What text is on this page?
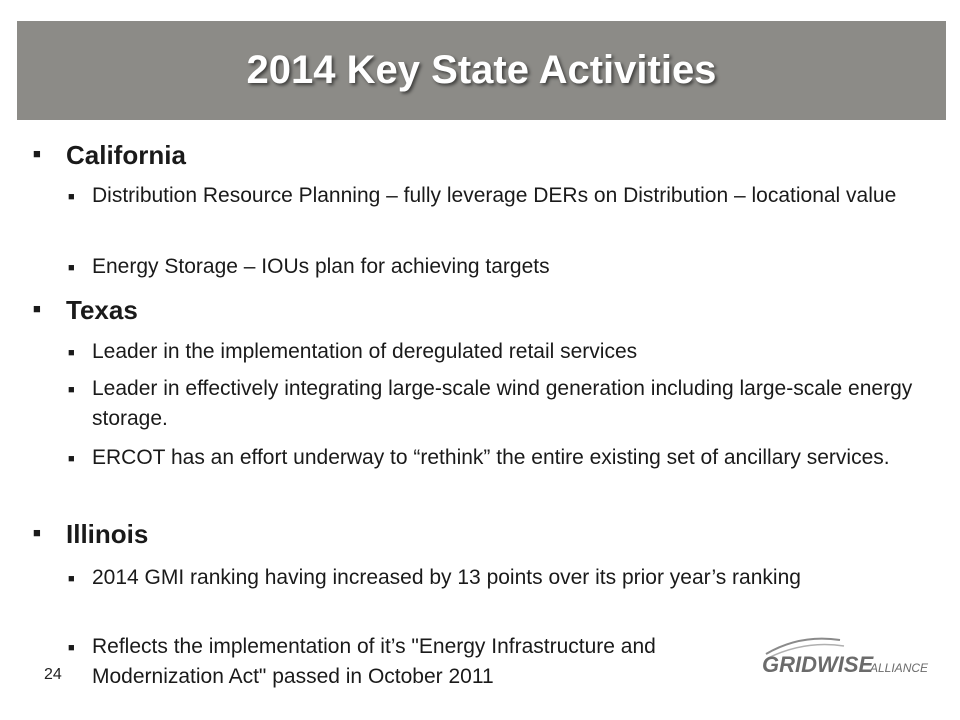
2014 Key State Activities
■ California
■ Distribution Resource Planning – fully leverage DERs on Distribution – locational value
■ Energy Storage – IOUs plan for achieving targets
■ Texas
■ Leader in the implementation of deregulated retail services
■ Leader in effectively integrating large-scale wind generation including large-scale energy storage.
■ ERCOT has an effort underway to “rethink” the entire existing set of ancillary services.
■ Illinois
■ 2014 GMI ranking having increased by 13 points over its prior year’s ranking
■ Reflects the implementation of it’s "Energy Infrastructure and Modernization Act" passed in October 2011
24	GRIDWISE
ALLIANCE
